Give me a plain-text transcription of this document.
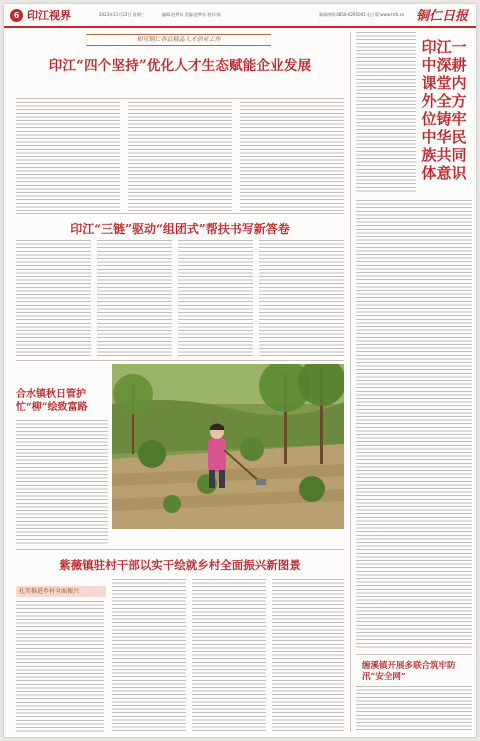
6 印江视界	2023年11月22日 星期三	编辑:赵梦东 美编:赵梦东 校对:杨	新闻热线:0856-6295001 电子版:www.trrb.cn 铜仁日报
相见铜仁各县精品人才创业工作
印江“四个坚持”优化人才生态赋能企业发展
印江“三链”驱动“组团式”帮扶书写新答卷
合水镇秋日管护忙“柳”绘致富路
紫薇镇驻村干部以实干绘就乡村全面振兴新图景
扎实推进乡村全面振兴
印江一中深耕课堂内外全方位铸牢中华民族共同体意识
缠溪镇开展多联合筑牢防汛“安全网”
